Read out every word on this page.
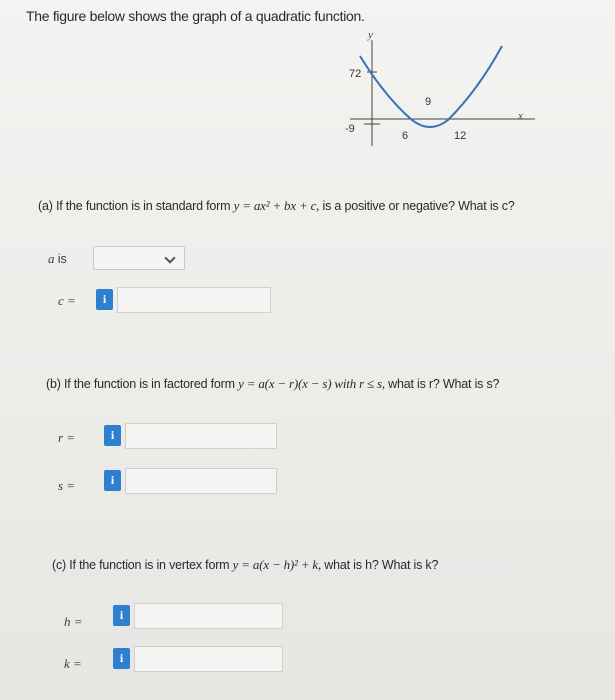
The figure below shows the graph of a quadratic function.
y
x
72
-9
6	12
9
(a) If the function is in standard form y = ax² + bx + c, is a positive or negative? What is c?
a is
c =	i
(b) If the function is in factored form y = a(x − r)(x − s) with r ≤ s, what is r? What is s?
r =	i
s =	i
(c) If the function is in vertex form y = a(x − h)² + k, what is h? What is k?
h =	i
k =	i
